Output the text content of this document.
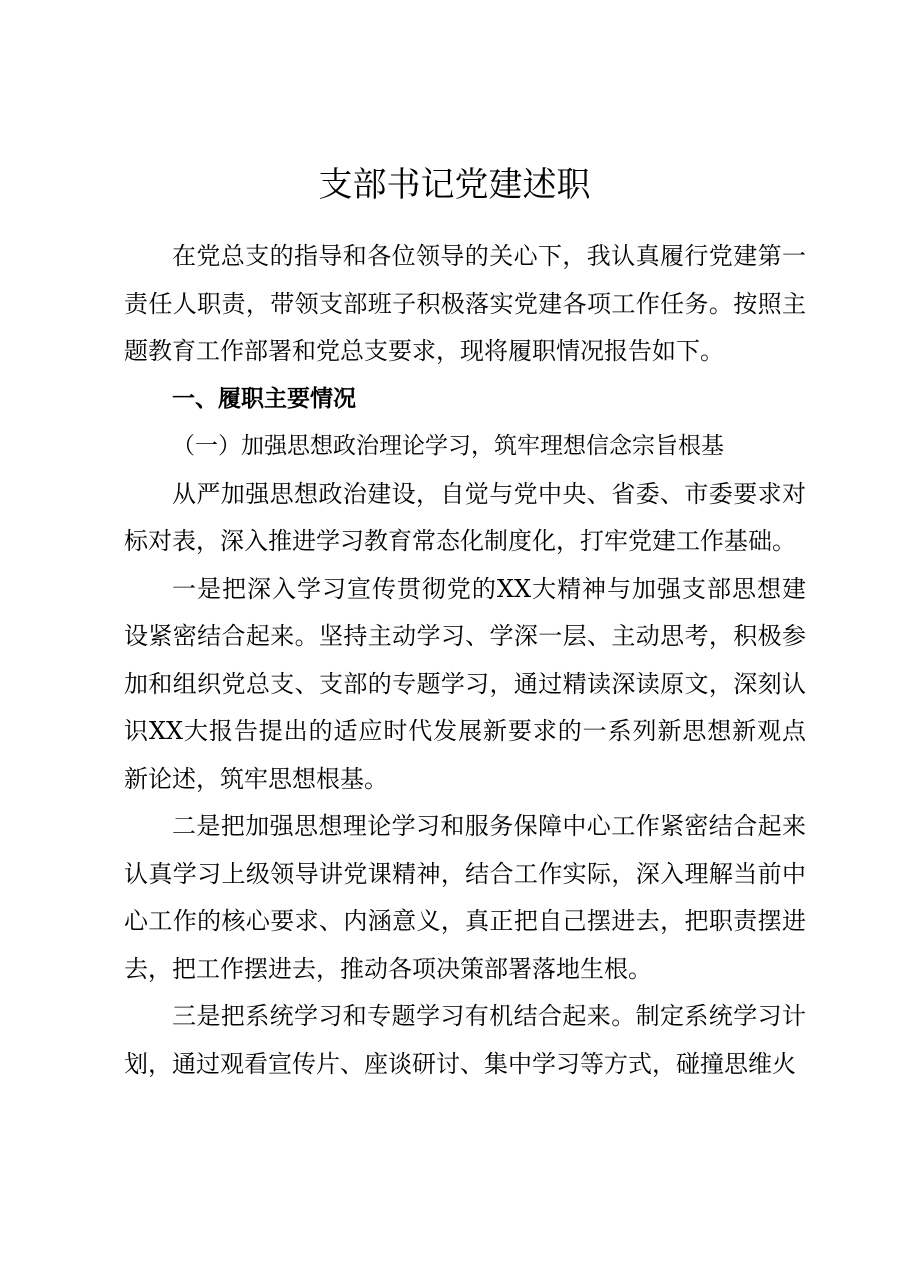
支部书记党建述职

在党总支的指导和各位领导的关心下，我认真履行党建第一责任人职责，带领支部班子积极落实党建各项工作任务。按照主题教育工作部署和党总支要求，现将履职情况报告如下。

一、履职主要情况
（一）加强思想政治理论学习，筑牢理想信念宗旨根基

从严加强思想政治建设，自觉与党中央、省委、市委要求对标对表，深入推进学习教育常态化制度化，打牢党建工作基础。

一是把深入学习宣传贯彻党的XX大精神与加强支部思想建设紧密结合起来。坚持主动学习、学深一层、主动思考，积极参加和组织党总支、支部的专题学习，通过精读深读原文，深刻认识XX大报告提出的适应时代发展新要求的一系列新思想新观点新论述，筑牢思想根基。

二是把加强思想理论学习和服务保障中心工作紧密结合起来认真学习上级领导讲党课精神，结合工作实际，深入理解当前中心工作的核心要求、内涵意义，真正把自己摆进去，把职责摆进去，把工作摆进去，推动各项决策部署落地生根。

三是把系统学习和专题学习有机结合起来。制定系统学习计划，通过观看宣传片、座谈研讨、集中学习等方式，碰撞思维火
